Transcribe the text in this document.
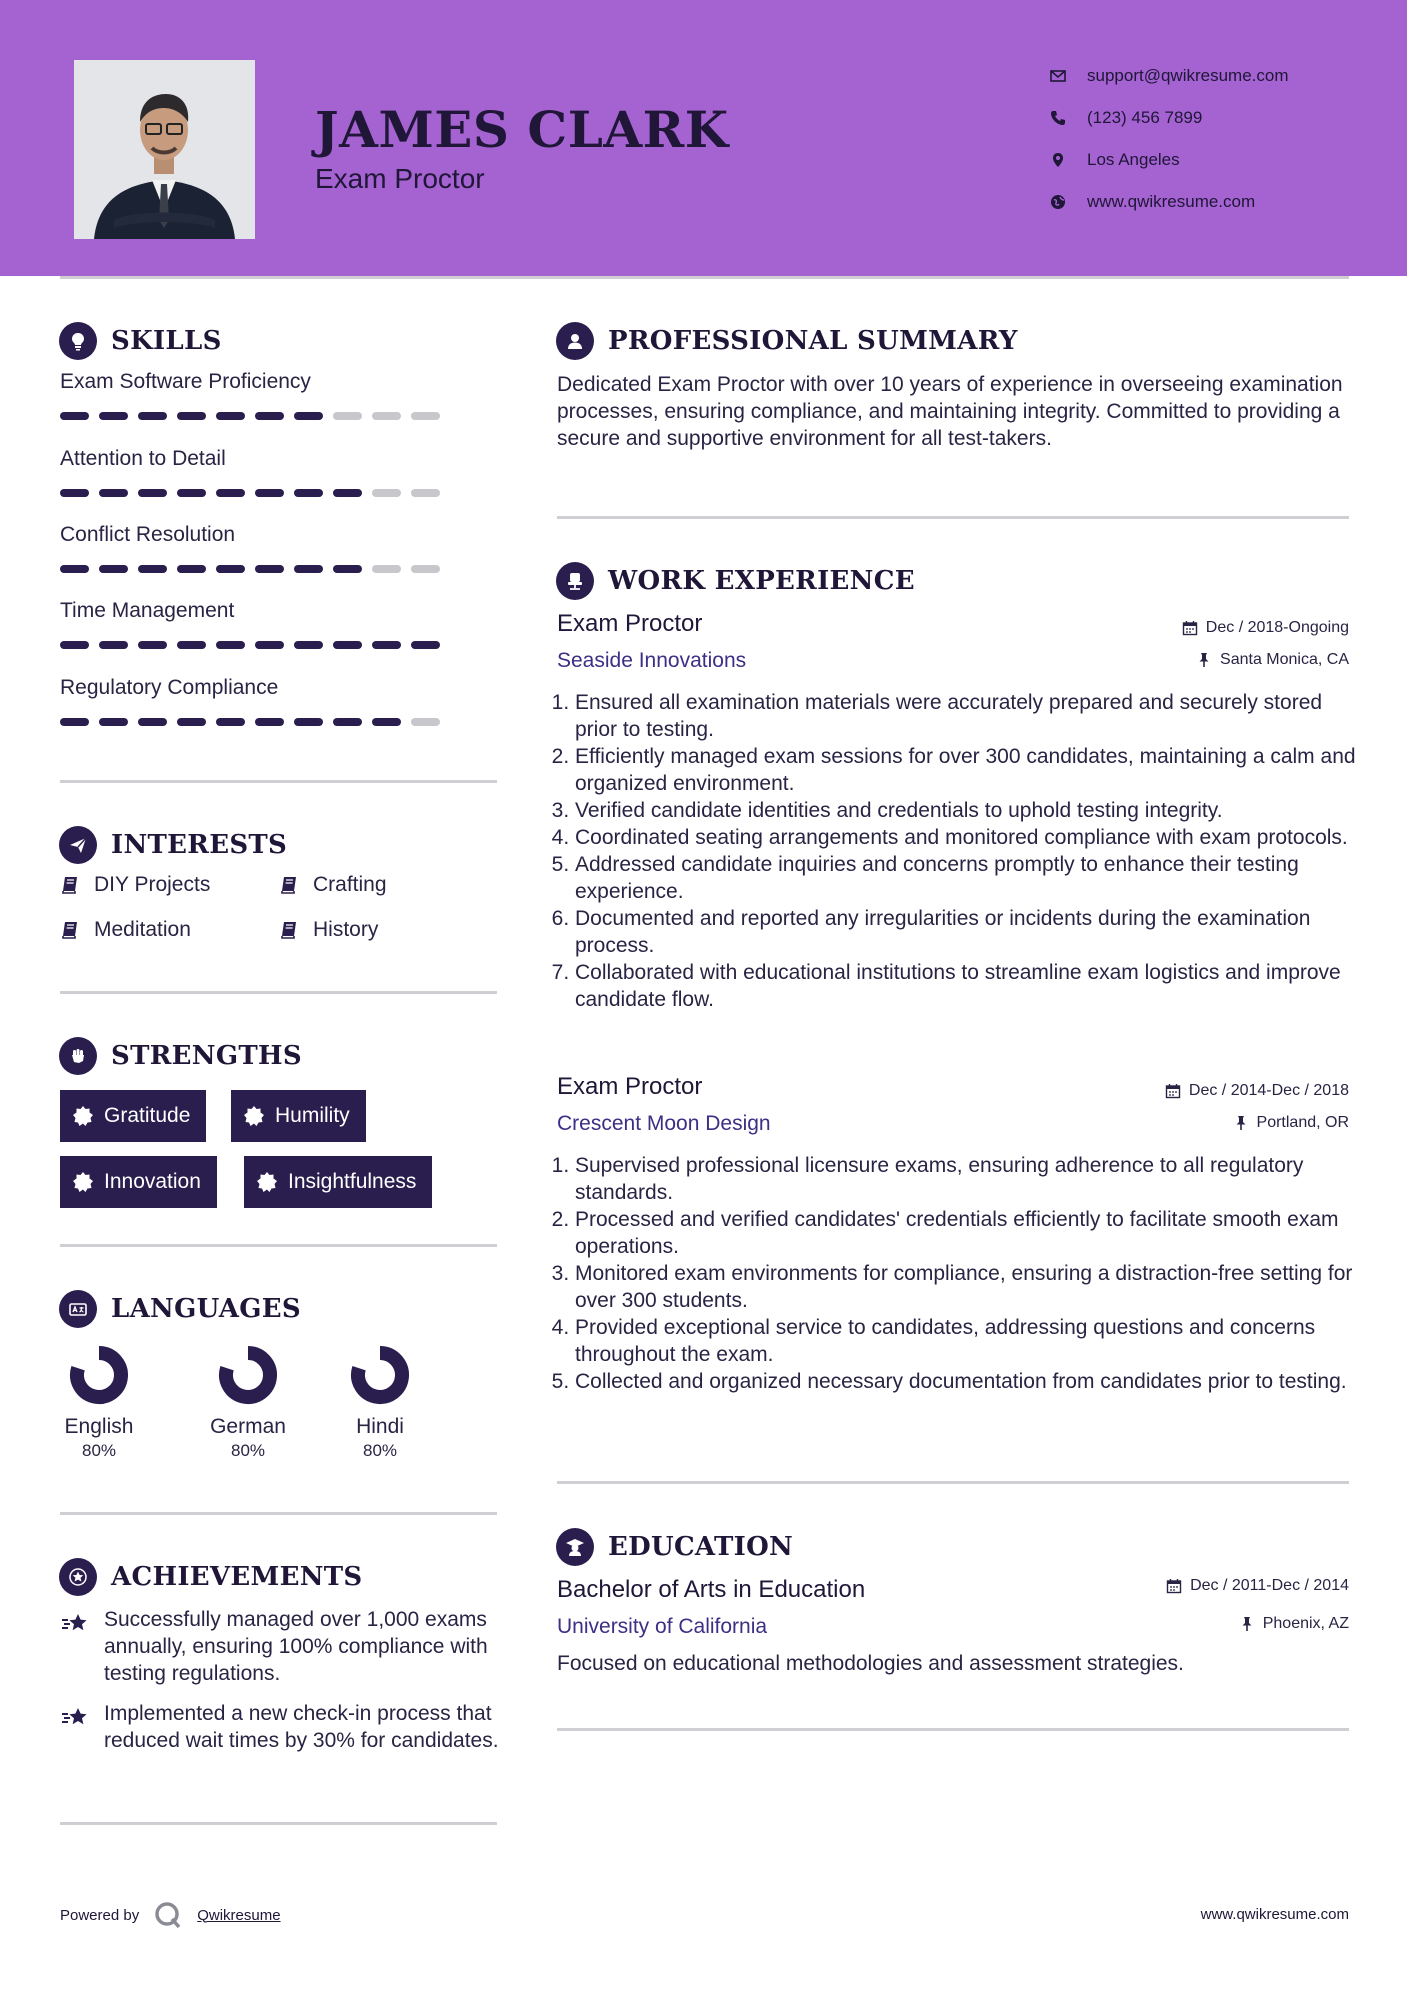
JAMES CLARK
Exam Proctor
support@qwikresume.com
(123) 456 7899
Los Angeles
www.qwikresume.com
SKILLS
Exam Software Proficiency
Attention to Detail
Conflict Resolution
Time Management
Regulatory Compliance
INTERESTS
DIY Projects	Crafting
Meditation	History
STRENGTHS
Gratitude	Humility
Innovation	Insightfulness
LANGUAGES
English
80%
German
80%
Hindi
80%
ACHIEVEMENTS
Successfully managed over 1,000 exams annually, ensuring 100% compliance with testing regulations.
Implemented a new check-in process that reduced wait times by 30% for candidates.
PROFESSIONAL SUMMARY
Dedicated Exam Proctor with over 10 years of experience in overseeing examination processes, ensuring compliance, and maintaining integrity. Committed to providing a secure and supportive environment for all test-takers.
WORK EXPERIENCE
Exam Proctor	Dec / 2018-Ongoing
Seaside Innovations	Santa Monica, CA
1. Ensured all examination materials were accurately prepared and securely stored prior to testing.
2. Efficiently managed exam sessions for over 300 candidates, maintaining a calm and organized environment.
3. Verified candidate identities and credentials to uphold testing integrity.
4. Coordinated seating arrangements and monitored compliance with exam protocols.
5. Addressed candidate inquiries and concerns promptly to enhance their testing experience.
6. Documented and reported any irregularities or incidents during the examination process.
7. Collaborated with educational institutions to streamline exam logistics and improve candidate flow.
Exam Proctor	Dec / 2014-Dec / 2018
Crescent Moon Design	Portland, OR
1. Supervised professional licensure exams, ensuring adherence to all regulatory standards.
2. Processed and verified candidates' credentials efficiently to facilitate smooth exam operations.
3. Monitored exam environments for compliance, ensuring a distraction-free setting for over 300 students.
4. Provided exceptional service to candidates, addressing questions and concerns throughout the exam.
5. Collected and organized necessary documentation from candidates prior to testing.
EDUCATION
Bachelor of Arts in Education	Dec / 2011-Dec / 2014
University of California	Phoenix, AZ
Focused on educational methodologies and assessment strategies.
Powered by	Qwikresume	www.qwikresume.com
